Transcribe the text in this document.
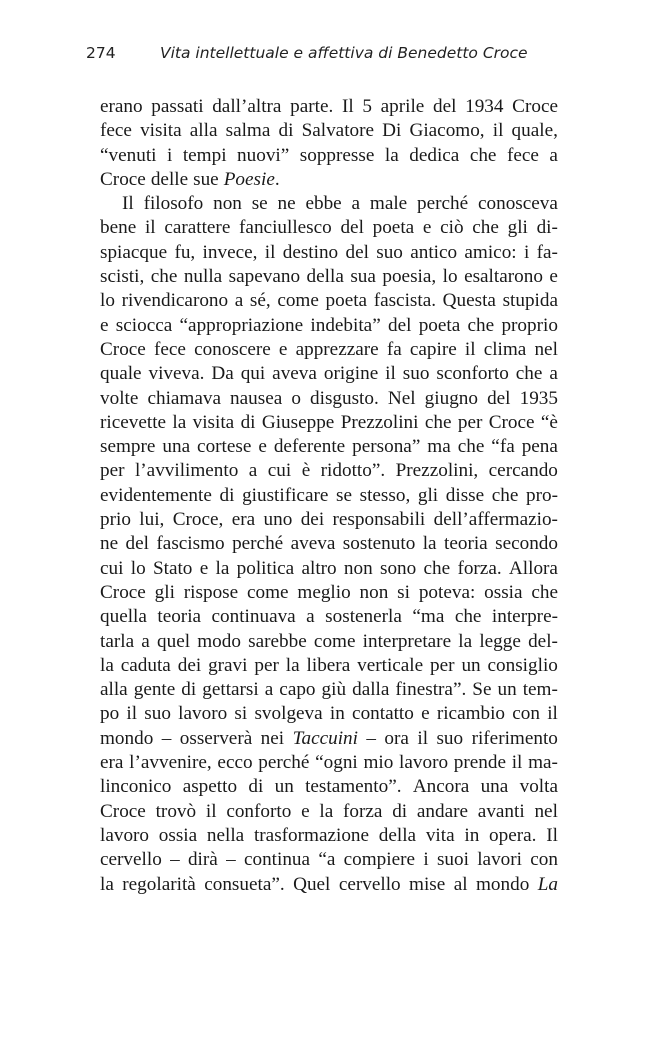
274	Vita intellettuale e affettiva di Benedetto Croce
erano passati dall’altra parte. Il 5 aprile del 1934 Croce
fece visita alla salma di Salvatore Di Giacomo, il quale,
“venuti i tempi nuovi” soppresse la dedica che fece a
Croce delle sue Poesie.
Il filosofo non se ne ebbe a male perché conosceva
bene il carattere fanciullesco del poeta e ciò che gli di-
spiacque fu, invece, il destino del suo antico amico: i fa-
scisti, che nulla sapevano della sua poesia, lo esaltarono e
lo rivendicarono a sé, come poeta fascista. Questa stupida
e sciocca “appropriazione indebita” del poeta che proprio
Croce fece conoscere e apprezzare fa capire il clima nel
quale viveva. Da qui aveva origine il suo sconforto che a
volte chiamava nausea o disgusto. Nel giugno del 1935
ricevette la visita di Giuseppe Prezzolini che per Croce “è
sempre una cortese e deferente persona” ma che “fa pena
per l’avvilimento a cui è ridotto”. Prezzolini, cercando
evidentemente di giustificare se stesso, gli disse che pro-
prio lui, Croce, era uno dei responsabili dell’affermazio-
ne del fascismo perché aveva sostenuto la teoria secondo
cui lo Stato e la politica altro non sono che forza. Allora
Croce gli rispose come meglio non si poteva: ossia che
quella teoria continuava a sostenerla “ma che interpre-
tarla a quel modo sarebbe come interpretare la legge del-
la caduta dei gravi per la libera verticale per un consiglio
alla gente di gettarsi a capo giù dalla finestra”. Se un tem-
po il suo lavoro si svolgeva in contatto e ricambio con il
mondo – osserverà nei Taccuini – ora il suo riferimento
era l’avvenire, ecco perché “ogni mio lavoro prende il ma-
linconico aspetto di un testamento”. Ancora una volta
Croce trovò il conforto e la forza di andare avanti nel
lavoro ossia nella trasformazione della vita in opera. Il
cervello – dirà – continua “a compiere i suoi lavori con
la regolarità consueta”. Quel cervello mise al mondo La
